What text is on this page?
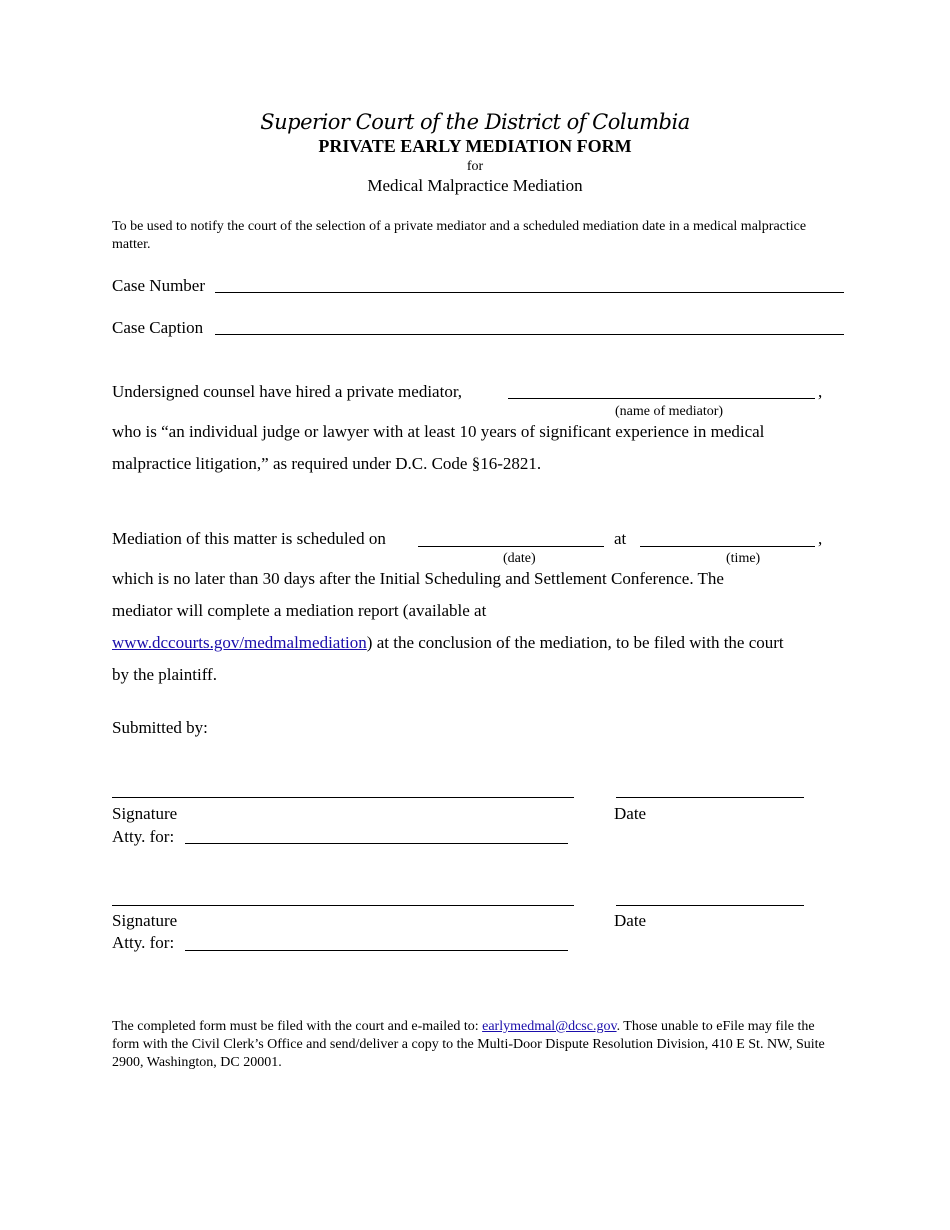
Superior Court of the District of Columbia
PRIVATE EARLY MEDIATION FORM
for
Medical Malpractice Mediation
To be used to notify the court of the selection of a private mediator and a scheduled mediation date in a medical malpractice matter.
Case Number
Case Caption
Undersigned counsel have hired a private mediator,	,
(name of mediator)
who is “an individual judge or lawyer with at least 10 years of significant experience in medical
malpractice litigation,” as required under D.C. Code §16-2821.
Mediation of this matter is scheduled on	at	,
(date)	(time)
which is no later than 30 days after the Initial Scheduling and Settlement Conference. The
mediator will complete a mediation report (available at
www.dccourts.gov/medmalmediation) at the conclusion of the mediation, to be filed with the court
by the plaintiff.
Submitted by:
Signature	Date
Atty. for:
Signature	Date
Atty. for:
The completed form must be filed with the court and e-mailed to: earlymedmal@dcsc.gov. Those unable to eFile may file the form with the Civil Clerk’s Office and send/deliver a copy to the Multi-Door Dispute Resolution Division, 410 E St. NW, Suite 2900, Washington, DC 20001.
